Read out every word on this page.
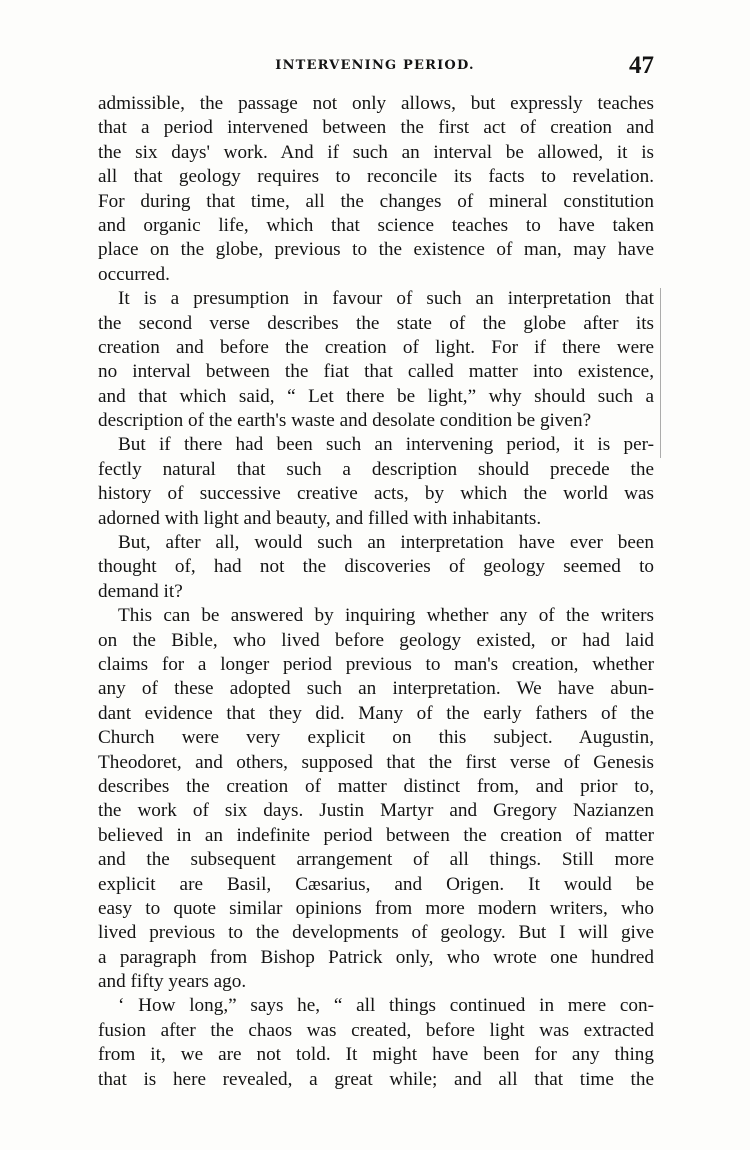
INTERVENING PERIOD.	47
admissible, the passage not only allows, but expressly teaches
that a period intervened between the first act of creation and
the six days' work. And if such an interval be allowed, it is
all that geology requires to reconcile its facts to revelation.
For during that time, all the changes of mineral constitution
and organic life, which that science teaches to have taken
place on the globe, previous to the existence of man, may have
occurred.
It is a presumption in favour of such an interpretation that
the second verse describes the state of the globe after its
creation and before the creation of light. For if there were
no interval between the fiat that called matter into existence,
and that which said, “ Let there be light,” why should such a
description of the earth's waste and desolate condition be given?
But if there had been such an intervening period, it is per-
fectly natural that such a description should precede the
history of successive creative acts, by which the world was
adorned with light and beauty, and filled with inhabitants.
But, after all, would such an interpretation have ever been
thought of, had not the discoveries of geology seemed to
demand it?
This can be answered by inquiring whether any of the writers
on the Bible, who lived before geology existed, or had laid
claims for a longer period previous to man's creation, whether
any of these adopted such an interpretation. We have abun-
dant evidence that they did. Many of the early fathers of the
Church were very explicit on this subject. Augustin,
Theodoret, and others, supposed that the first verse of Genesis
describes the creation of matter distinct from, and prior to,
the work of six days. Justin Martyr and Gregory Nazianzen
believed in an indefinite period between the creation of matter
and the subsequent arrangement of all things. Still more
explicit are Basil, Cæsarius, and Origen. It would be
easy to quote similar opinions from more modern writers, who
lived previous to the developments of geology. But I will give
a paragraph from Bishop Patrick only, who wrote one hundred
and fifty years ago.
‘ How long,” says he, “ all things continued in mere con-
fusion after the chaos was created, before light was extracted
from it, we are not told. It might have been for any thing
that is here revealed, a great while; and all that time the
